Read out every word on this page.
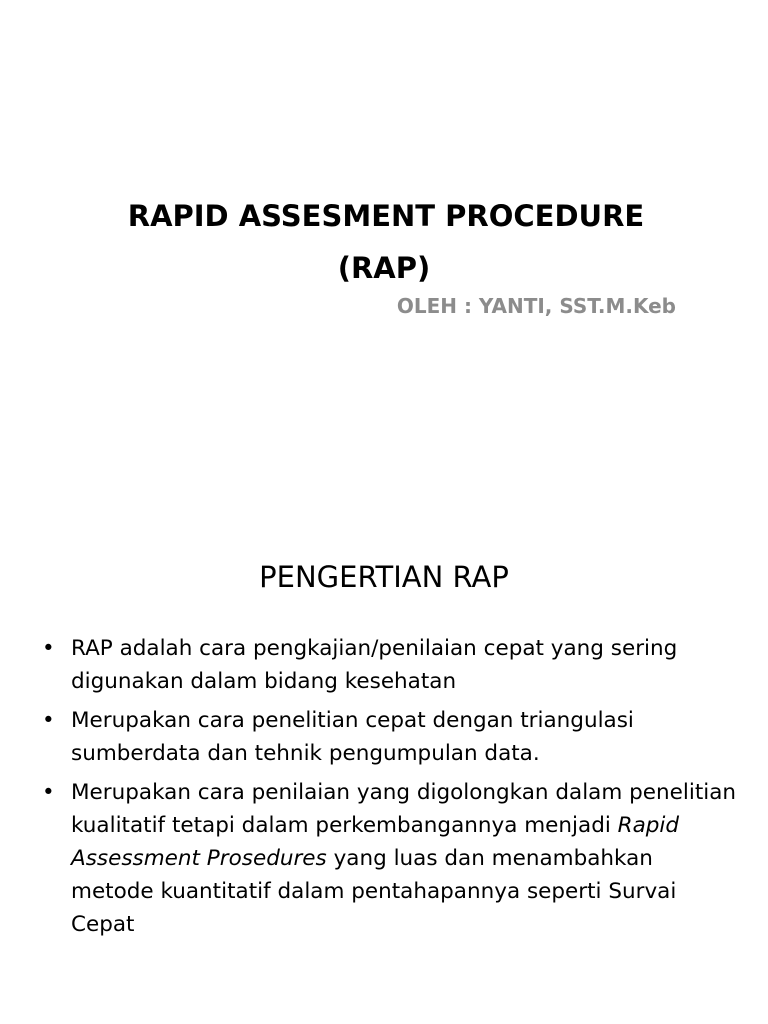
RAPID ASSESMENT PROCEDURE
(RAP)
OLEH : YANTI, SST.M.Keb
PENGERTIAN RAP
• RAP adalah cara pengkajian/penilaian cepat yang sering digunakan dalam bidang kesehatan
• Merupakan cara penelitian cepat dengan triangulasi sumberdata dan tehnik pengumpulan data.
• Merupakan cara penilaian yang digolongkan dalam penelitian kualitatif tetapi dalam perkembangannya menjadi Rapid Assessment Prosedures yang luas dan menambahkan metode kuantitatif dalam pentahapannya seperti Survai Cepat
